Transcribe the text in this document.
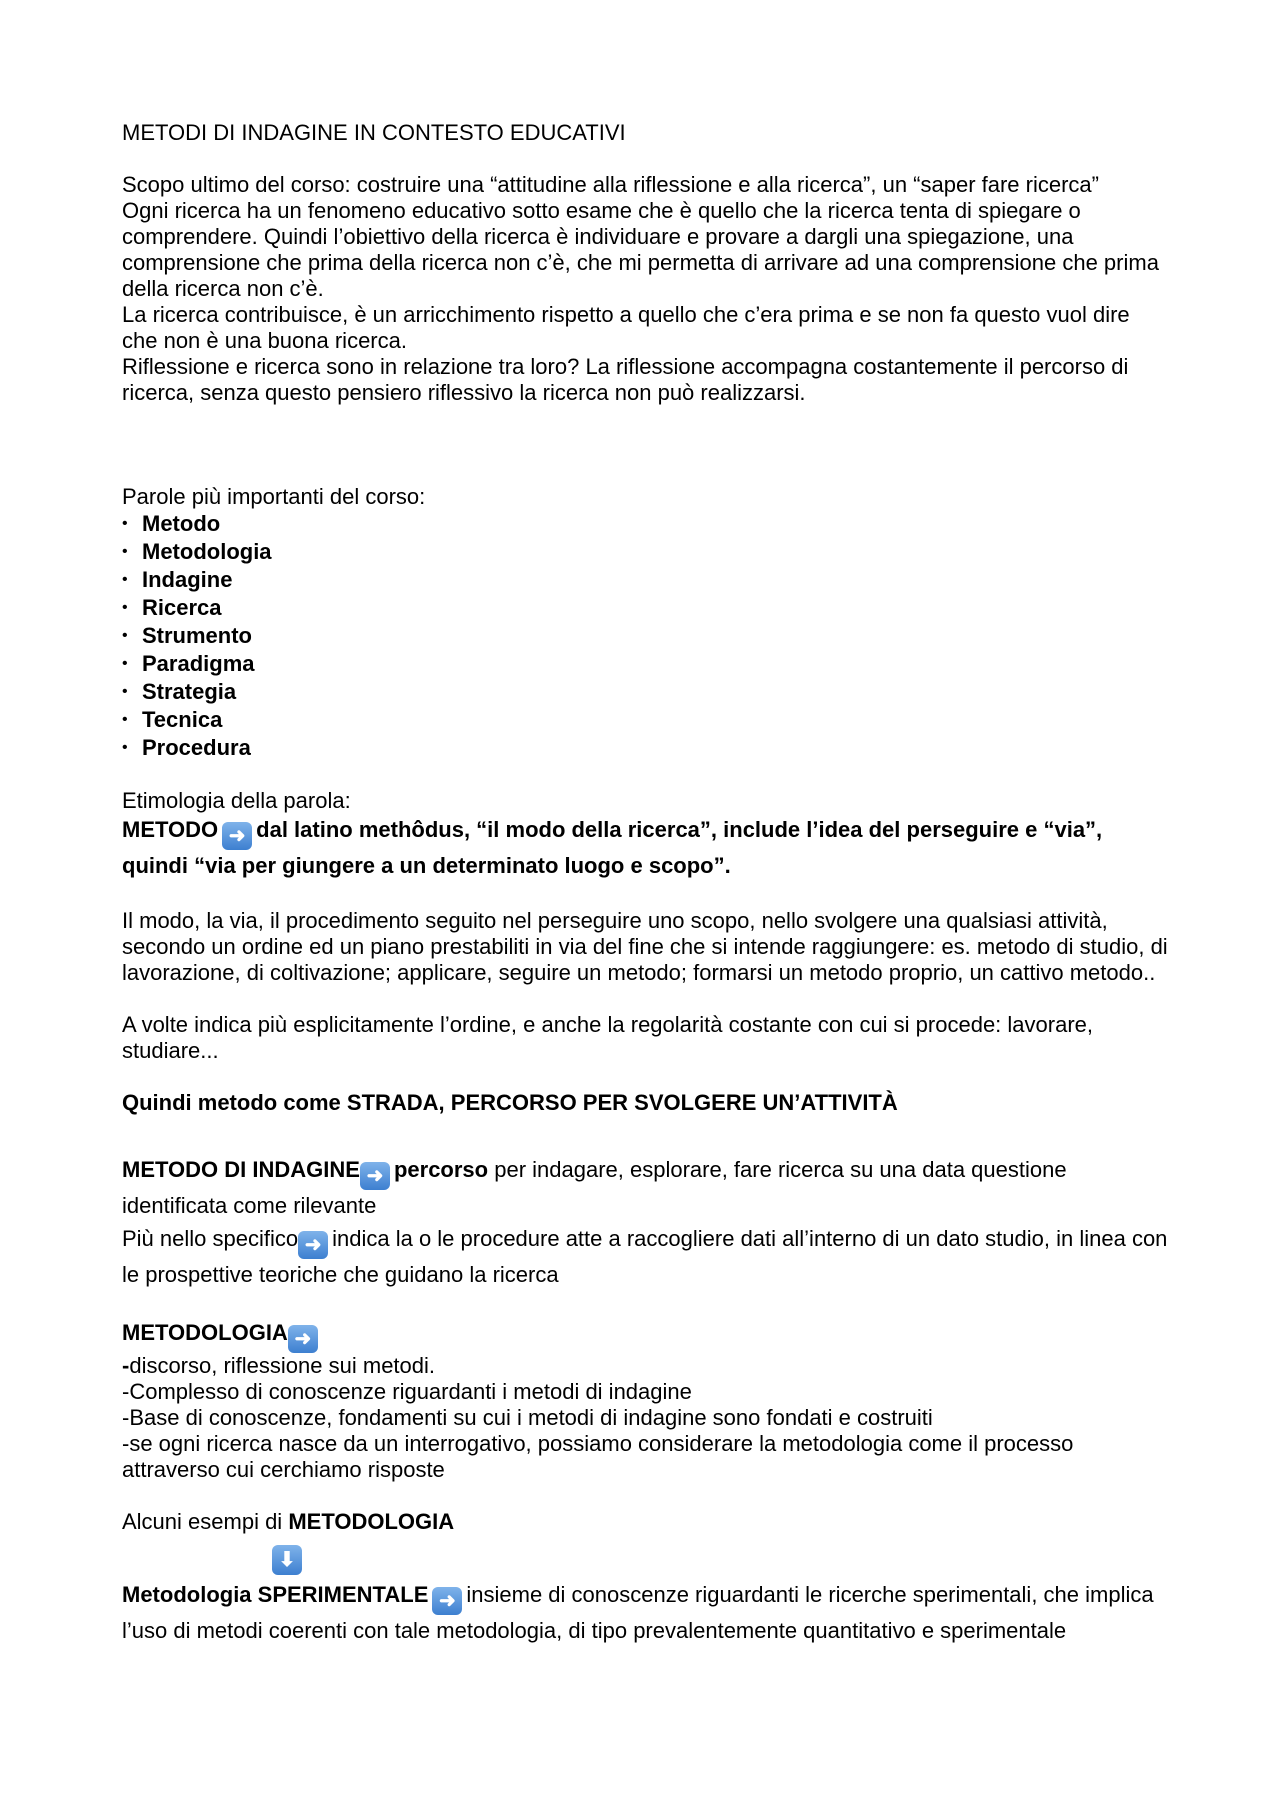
METODI DI INDAGINE IN CONTESTO EDUCATIVI

Scopo ultimo del corso: costruire una “attitudine alla riflessione e alla ricerca”, un “saper fare ricerca”

Ogni ricerca ha un fenomeno educativo sotto esame che è quello che la ricerca tenta di spiegare o comprendere. Quindi l’obiettivo della ricerca è individuare e provare a dargli una spiegazione, una comprensione che prima della ricerca non c’è, che mi permetta di arrivare ad una comprensione che prima della ricerca non c’è.

La ricerca contribuisce, è un arricchimento rispetto a quello che c’era prima e se non fa questo vuol dire che non è una buona ricerca.

Riflessione e ricerca sono in relazione tra loro? La riflessione accompagna costantemente il percorso di ricerca, senza questo pensiero riflessivo la ricerca non può realizzarsi.

Parole più importanti del corso:

• Metodo
• Metodologia
• Indagine
• Ricerca
• Strumento
• Paradigma
• Strategia
• Tecnica
• Procedura

Etimologia della parola:

METODO ➜ dal latino methôdus, “il modo della ricerca”, include l’idea del perseguire e “via”, quindi “via per giungere a un determinato luogo e scopo”.

Il modo, la via, il procedimento seguito nel perseguire uno scopo, nello svolgere una qualsiasi attività, secondo un ordine ed un piano prestabiliti in via del fine che si intende raggiungere: es. metodo di studio, di lavorazione, di coltivazione; applicare, seguire un metodo; formarsi un metodo proprio, un cattivo metodo..

A volte indica più esplicitamente l’ordine, e anche la regolarità costante con cui si procede: lavorare, studiare...

Quindi metodo come STRADA, PERCORSO PER SVOLGERE UN’ATTIVITÀ

METODO DI INDAGINE ➜ percorso per indagare, esplorare, fare ricerca su una data questione identificata come rilevante

Più nello specifico ➜ indica la o le procedure atte a raccogliere dati all’interno di un dato studio, in linea con le prospettive teoriche che guidano la ricerca

METODOLOGIA ➜

-discorso, riflessione sui metodi.

-Complesso di conoscenze riguardanti i metodi di indagine

-Base di conoscenze, fondamenti su cui i metodi di indagine sono fondati e costruiti

-se ogni ricerca nasce da un interrogativo, possiamo considerare la metodologia come il processo attraverso cui cerchiamo risposte

Alcuni esempi di METODOLOGIA

⬇

Metodologia SPERIMENTALE ➜ insieme di conoscenze riguardanti le ricerche sperimentali, che implica l’uso di metodi coerenti con tale metodologia, di tipo prevalentemente quantitativo e sperimentale
